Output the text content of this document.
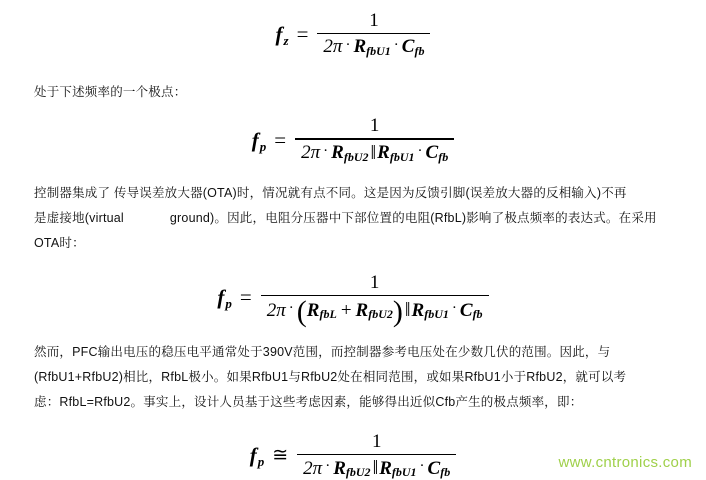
f $z = \frac{1}{\text{2π · R fbU1 · C fb}}$

处于下述频率的一个极点：

f p =
1
2π · R fbU2 ‖ R fbU1 · C fb

控制器集成了 传导误差放大器(OTA)时，情况就有点不同。这是因为反馈引脚(误差放大器的反相输入)不再

是虚接地(virtual	ground)。因此，电阻分压器中下部位置的电阻(RfbL)影响了极点频率的表达式。在采用

OTA时：

f p =
1
2π · ( R fbL + R fbU2 ) ‖ R fbU1 · C fb

然而，PFC输出电压的稳压电平通常处于390V范围，而控制器参考电压处在少数几伏的范围。因此，与

(RfbU1+RfbU2)相比，RfbL极小。如果RfbU1与RfbU2处在相同范围，或如果RfbU1小于RfbU2，就可以考

虑：RfbL=RfbU2。事实上，设计人员基于这些考虑因素，能够得出近似Cfb产生的极点频率，即：

f p ≅
1
2π · R fbU2 ‖ R fbU1 · C fb
www.cntronics.com
